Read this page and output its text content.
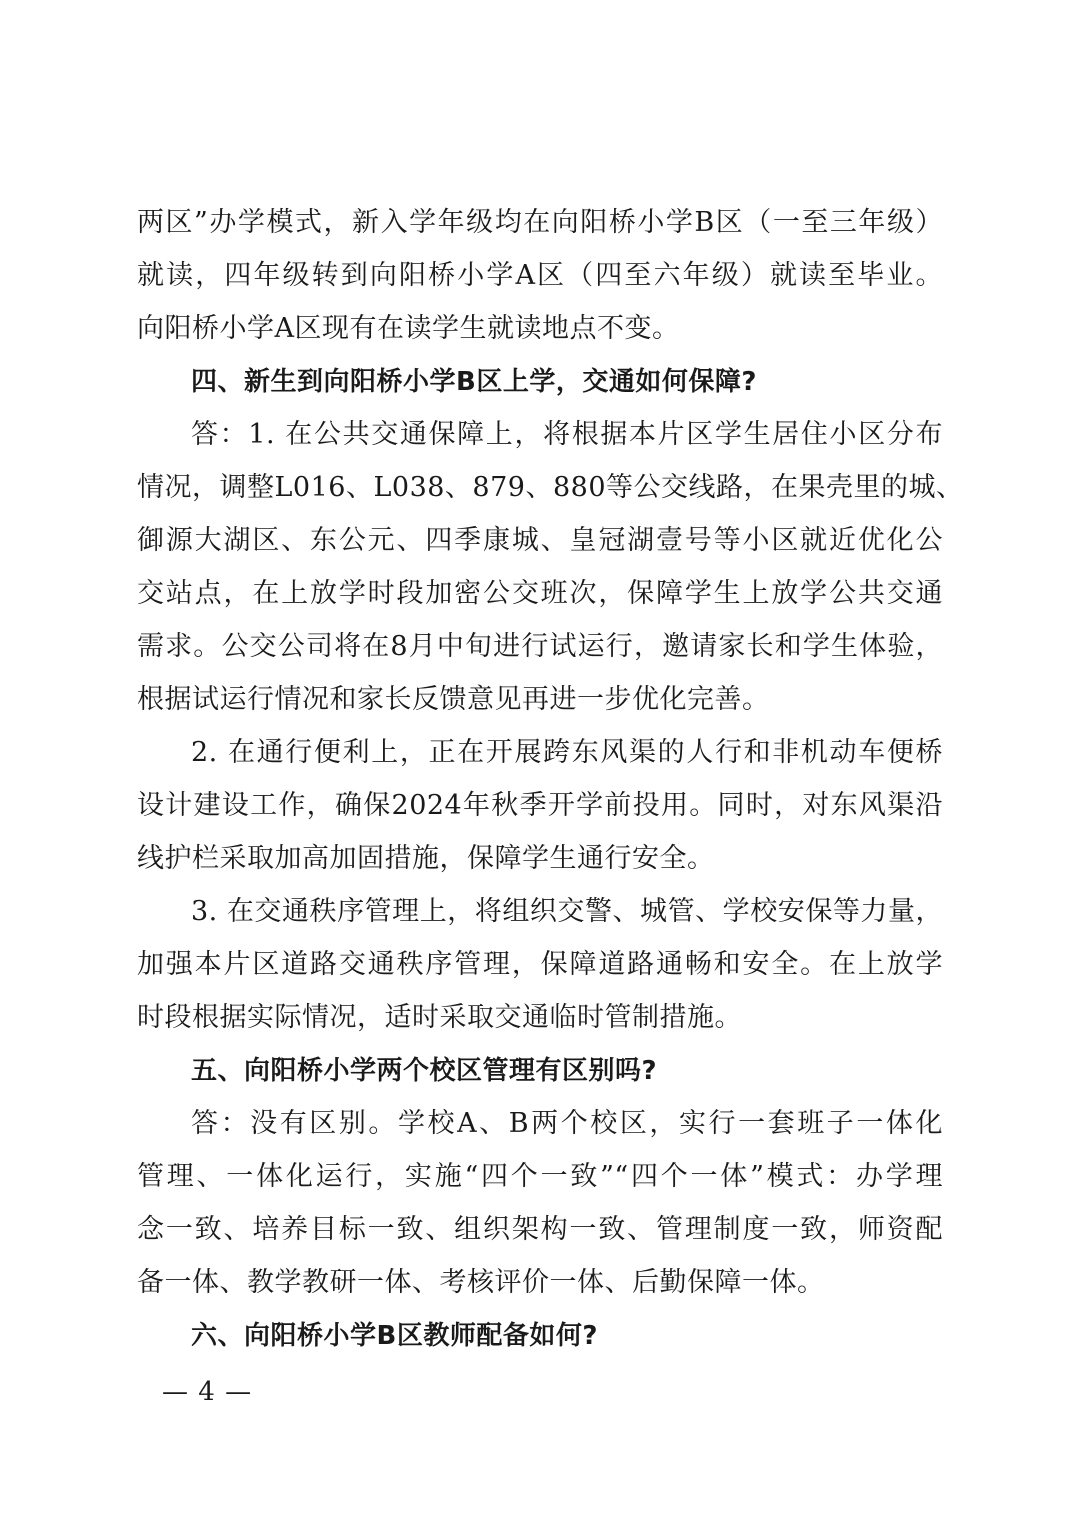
两区”办学模式，新入学年级均在向阳桥小学B区（一至三年级）
就读，四年级转到向阳桥小学A区（四至六年级）就读至毕业。
向阳桥小学A区现有在读学生就读地点不变。
四、新生到向阳桥小学B区上学，交通如何保障?
答：1. 在公共交通保障上，将根据本片区学生居住小区分布
情况，调整L016、L038、879、880等公交线路，在果壳里的城、
御源大湖区、东公元、四季康城、皇冠湖壹号等小区就近优化公
交站点，在上放学时段加密公交班次，保障学生上放学公共交通
需求。公交公司将在8月中旬进行试运行，邀请家长和学生体验，
根据试运行情况和家长反馈意见再进一步优化完善。
2. 在通行便利上，正在开展跨东风渠的人行和非机动车便桥
设计建设工作，确保2024年秋季开学前投用。同时，对东风渠沿
线护栏采取加高加固措施，保障学生通行安全。
3. 在交通秩序管理上，将组织交警、城管、学校安保等力量，
加强本片区道路交通秩序管理，保障道路通畅和安全。在上放学
时段根据实际情况，适时采取交通临时管制措施。
五、向阳桥小学两个校区管理有区别吗?
答：没有区别。学校A、B两个校区，实行一套班子一体化
管理、一体化运行，实施“四个一致”“四个一体”模式：办学理
念一致、培养目标一致、组织架构一致、管理制度一致，师资配
备一体、教学教研一体、考核评价一体、后勤保障一体。
六、向阳桥小学B区教师配备如何?
— 4 —
